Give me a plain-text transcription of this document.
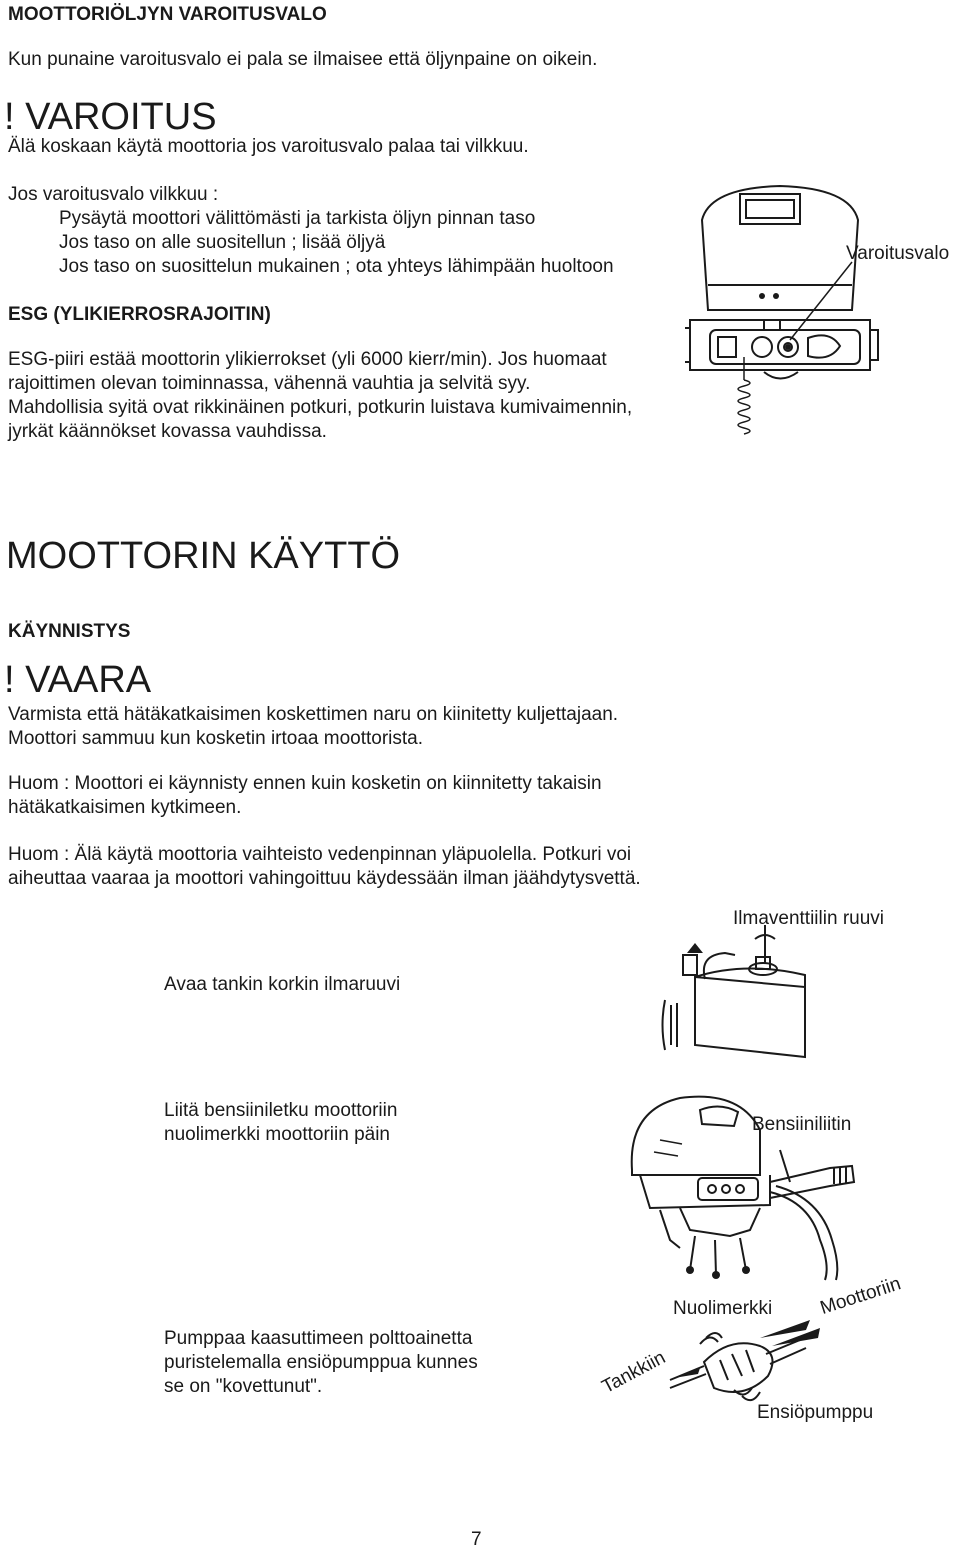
MOOTTORIÖLJYN VAROITUSVALO
Kun punaine varoitusvalo ei pala se ilmaisee että öljynpaine on oikein.
! VAROITUS
Älä koskaan käytä moottoria jos varoitusvalo palaa tai vilkkuu.
Jos varoitusvalo vilkkuu :
Pysäytä moottori välittömästi ja tarkista öljyn pinnan taso
Jos taso on alle suositellun ; lisää öljyä
Jos taso on suosittelun mukainen ; ota yhteys lähimpään huoltoon
Varoitusvalo
ESG (YLIKIERROSRAJOITIN)
ESG-piiri estää moottorin ylikierrokset (yli 6000 kierr/min). Jos huomaat
rajoittimen olevan toiminnassa, vähennä vauhtia ja selvitä syy.
Mahdollisia syitä ovat rikkinäinen potkuri, potkurin luistava kumivaimennin,
jyrkät käännökset kovassa vauhdissa.
MOOTTORIN KÄYTTÖ
KÄYNNISTYS
! VAARA
Varmista että hätäkatkaisimen koskettimen naru on kiinitetty kuljettajaan.
Moottori sammuu kun kosketin irtoaa moottorista.
Huom : Moottori ei käynnisty ennen kuin kosketin on kiinnitetty takaisin
hätäkatkaisimen kytkimeen.
Huom : Älä käytä moottoria vaihteisto vedenpinnan yläpuolella. Potkuri voi
aiheuttaa vaaraa ja moottori vahingoittuu käydessään ilman jäähdytysvettä.
Ilmaventtiilin ruuvi
Avaa tankin korkin ilmaruuvi
Liitä bensiiniletku moottoriin
nuolimerkki moottoriin päin	Bensiiniliitin
Pumppaa kaasuttimeen polttoainetta
puristelemalla ensiöpumppua kunnes
se on "kovettunut".
Nuolimerkki Moottoriin
Tankkiin
Ensiöpumppu
7
